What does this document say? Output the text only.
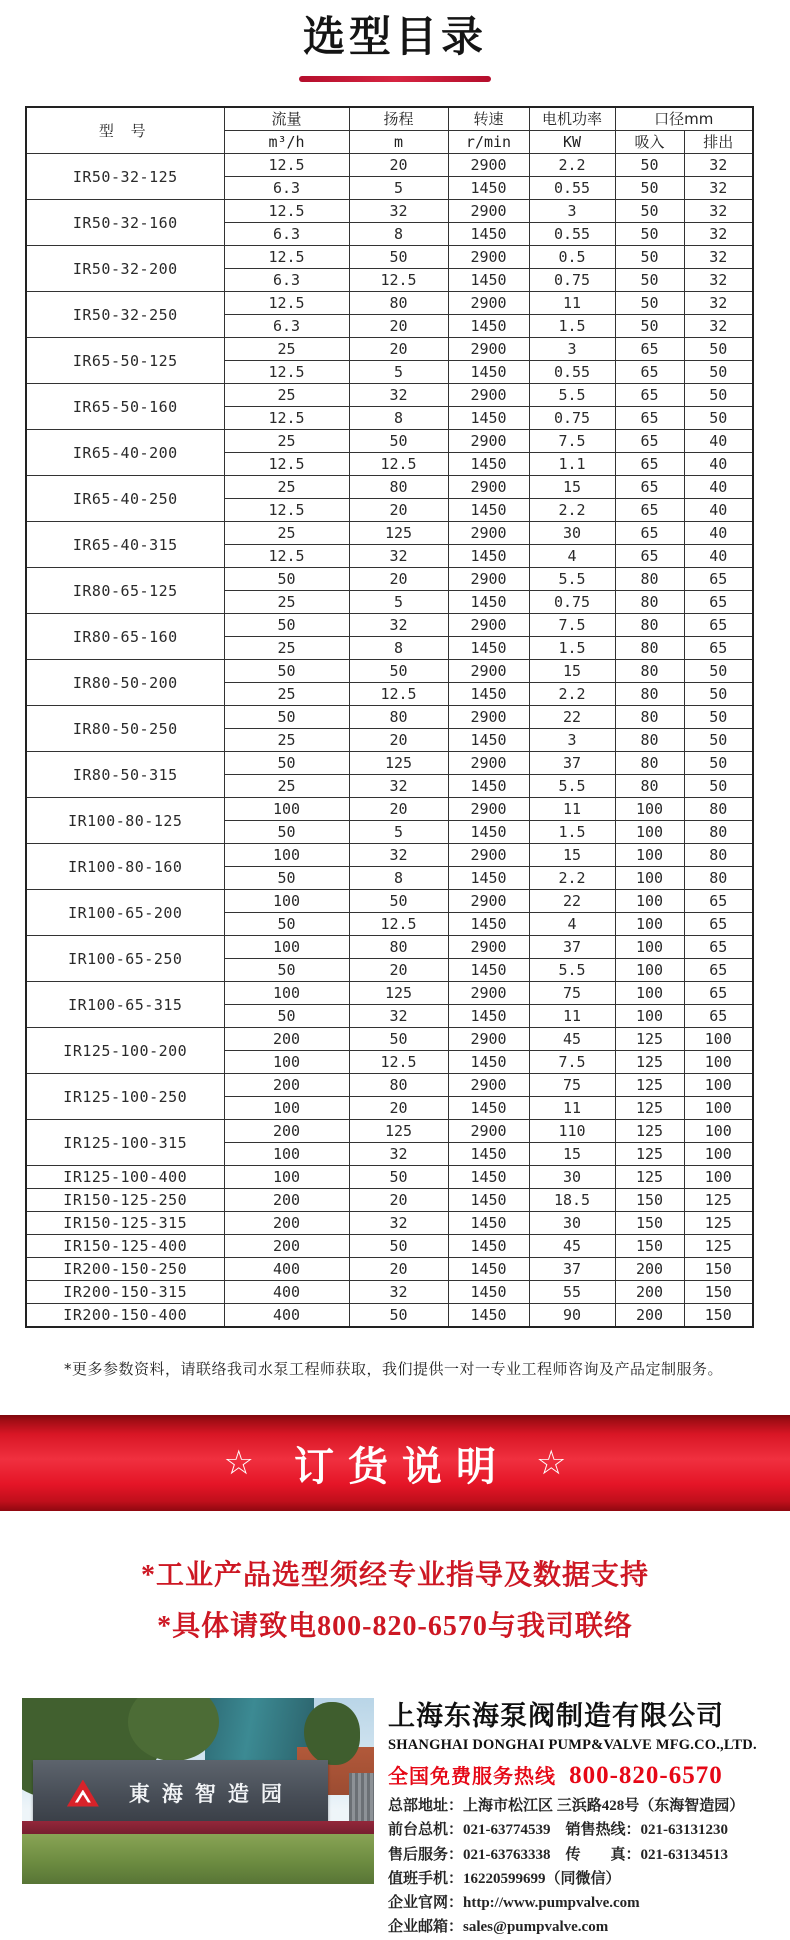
选型目录
型 号	流量	扬程	转速	电机功率	口径mm	
	m³/h	m	r/min	KW	吸入	排出
IR50-32-125	12.5	20	2900	2.2	50	32
	6.3	5	1450	0.55	50	32
IR50-32-160	12.5	32	2900	3	50	32
	6.3	8	1450	0.55	50	32
IR50-32-200	12.5	50	2900	0.5	50	32
	6.3	12.5	1450	0.75	50	32
IR50-32-250	12.5	80	2900	11	50	32
	6.3	20	1450	1.5	50	32
IR65-50-125	25	20	2900	3	65	50
	12.5	5	1450	0.55	65	50
IR65-50-160	25	32	2900	5.5	65	50
	12.5	8	1450	0.75	65	50
IR65-40-200	25	50	2900	7.5	65	40
	12.5	12.5	1450	1.1	65	40
IR65-40-250	25	80	2900	15	65	40
	12.5	20	1450	2.2	65	40
IR65-40-315	25	125	2900	30	65	40
	12.5	32	1450	4	65	40
IR80-65-125	50	20	2900	5.5	80	65
	25	5	1450	0.75	80	65
IR80-65-160	50	32	2900	7.5	80	65
	25	8	1450	1.5	80	65
IR80-50-200	50	50	2900	15	80	50
	25	12.5	1450	2.2	80	50
IR80-50-250	50	80	2900	22	80	50
	25	20	1450	3	80	50
IR80-50-315	50	125	2900	37	80	50
	25	32	1450	5.5	80	50
IR100-80-125	100	20	2900	11	100	80
	50	5	1450	1.5	100	80
IR100-80-160	100	32	2900	15	100	80
	50	8	1450	2.2	100	80
IR100-65-200	100	50	2900	22	100	65
	50	12.5	1450	4	100	65
IR100-65-250	100	80	2900	37	100	65
	50	20	1450	5.5	100	65
IR100-65-315	100	125	2900	75	100	65
	50	32	1450	11	100	65
IR125-100-200	200	50	2900	45	125	100
	100	12.5	1450	7.5	125	100
IR125-100-250	200	80	2900	75	125	100
	100	20	1450	11	125	100
IR125-100-315	200	125	2900	110	125	100
	100	32	1450	15	125	100
IR125-100-400	100	50	1450	30	125	100
IR150-125-250	200	20	1450	18.5	150	125
IR150-125-315	200	32	1450	30	150	125
IR150-125-400	200	50	1450	45	150	125
IR200-150-250	400	20	1450	37	200	150
IR200-150-315	400	32	1450	55	200	150
IR200-150-400	400	50	1450	90	200	150
*更多参数资料，请联络我司水泵工程师获取，我们提供一对一专业工程师咨询及产品定制服务。
☆	订货说明 ☆
*工业产品选型须经专业指导及数据支持
*具体请致电800-820-6570与我司联络
東海智造园
上海东海泵阀制造有限公司
SHANGHAI DONGHAI PUMP&VALVE MFG.CO.,LTD.
全国免费服务热线 800-820-6570
总部地址：上海市松江区 三浜路428号（东海智造园）
前台总机：021-63774539　销售热线：021-63131230
售后服务：021-63763338　传　　真：021-63134513
值班手机：16220599699（同微信）
企业官网：http://www.pumpvalve.com
企业邮箱：sales@pumpvalve.com
